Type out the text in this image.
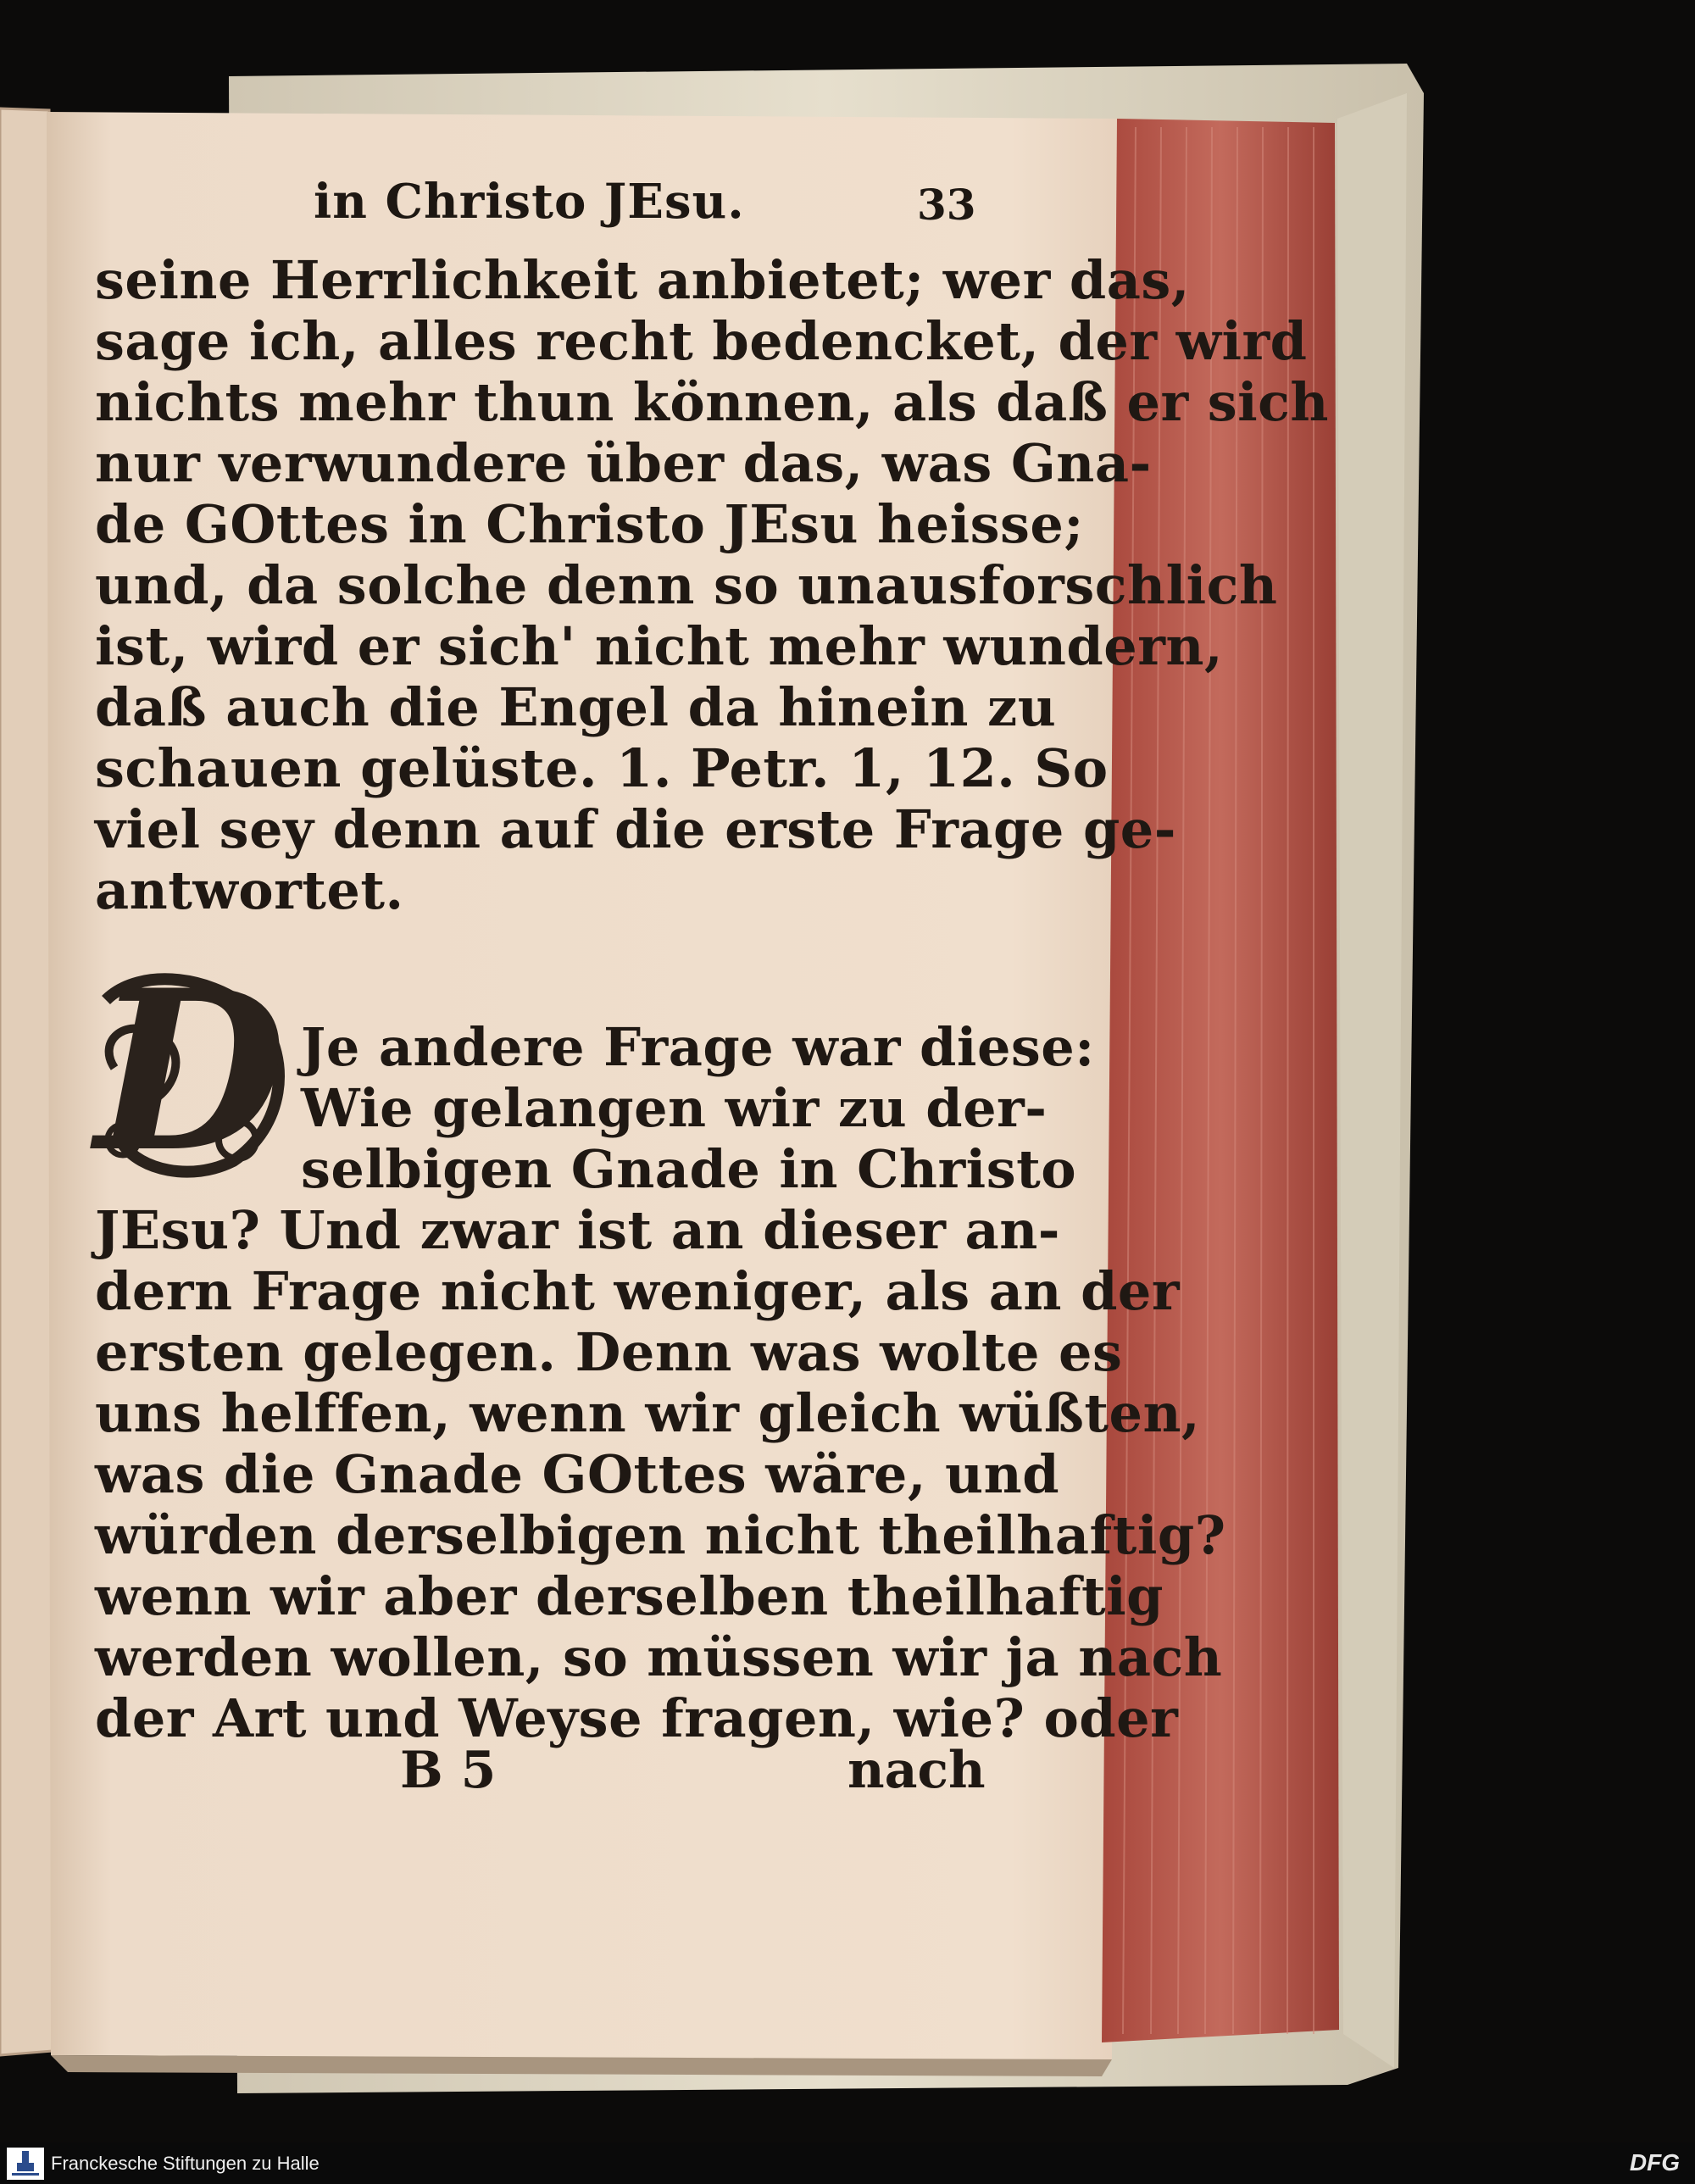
in Christo JEsu.	33
seine Herrlichkeit anbietet; wer das,
sage ich, alles recht bedencket, der wird
nichts mehr thun können, als daß er sich
nur verwundere über das, was Gna-
de GOttes in Christo JEsu heisse;
und, da solche denn so unausforschlich
ist, wird er sich' nicht mehr wundern,
daß auch die Engel da hinein zu
schauen gelüste. 1. Petr. 1, 12. So
viel sey denn auf die erste Frage ge-
antwortet.
D Je andere Frage war diese:
Wie gelangen wir zu der-
selbigen Gnade in Christo
JEsu? Und zwar ist an dieser an-
dern Frage nicht weniger, als an der
ersten gelegen. Denn was wolte es
uns helffen, wenn wir gleich wüßten,
was die Gnade GOttes wäre, und
würden derselbigen nicht theilhaftig?
wenn wir aber derselben theilhaftig
werden wollen, so müssen wir ja nach
der Art und Weyse fragen, wie? oder
B 5	nach
Franckesche Stiftungen zu Halle	DFG
